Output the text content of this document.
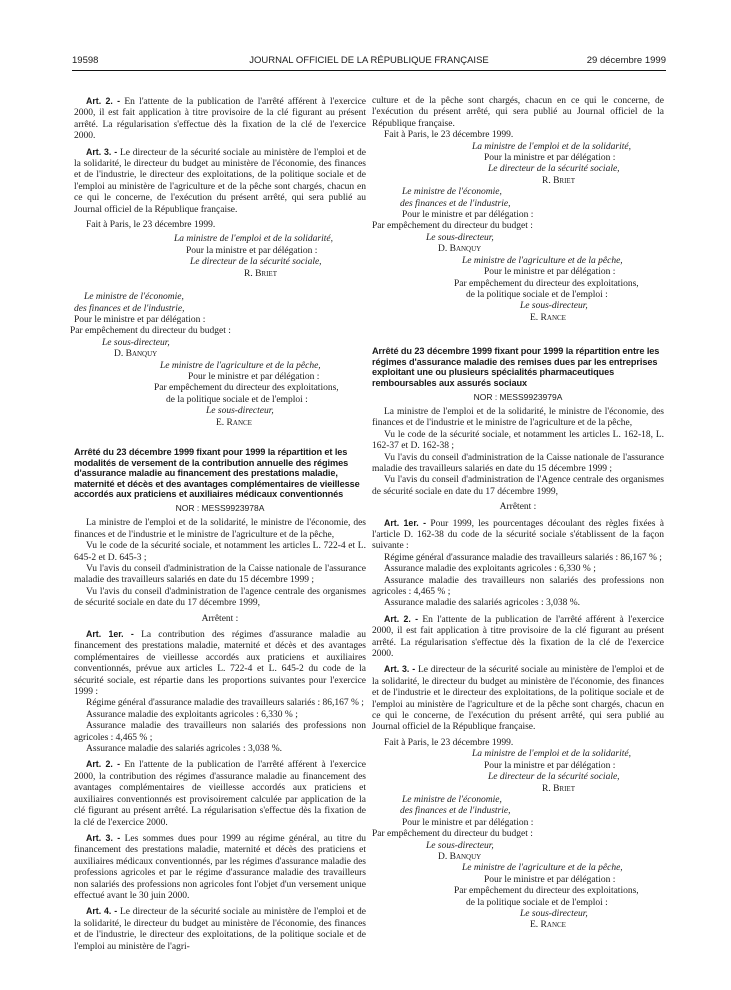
19598	JOURNAL OFFICIEL DE LA RÉPUBLIQUE FRANÇAISE	29 décembre 1999

Art. 2. - En l'attente de la publication de l'arrêté afférent à l'exercice 2000, il est fait application à titre provisoire de la clé figurant au présent arrêté. La régularisation s'effectue dès la fixation de la clé de l'exercice 2000.

Art. 3. - Le directeur de la sécurité sociale au ministère de l'emploi et de la solidarité, le directeur du budget au ministère de l'économie, des finances et de l'industrie, le directeur des exploitations, de la politique sociale et de l'emploi au ministère de l'agriculture et de la pêche sont chargés, chacun en ce qui le concerne, de l'exécution du présent arrêté, qui sera publié au Journal officiel de la République française.

Fait à Paris, le 23 décembre 1999.

La ministre de l'emploi et de la solidarité,

Pour la ministre et par délégation :

Le directeur de la sécurité sociale,

R. Briet

Le ministre de l'économie,

des finances et de l'industrie,

Pour le ministre et par délégation :

Par empêchement du directeur du budget :

Le sous-directeur,

D. Banquy

Le ministre de l'agriculture et de la pêche,

Pour le ministre et par délégation :

Par empêchement du directeur des exploitations,

de la politique sociale et de l'emploi :

Le sous-directeur,

E. Rance

Arrêté du 23 décembre 1999 fixant pour 1999 la répartition et les modalités de versement de la contribution annuelle des régimes d'assurance maladie au financement des prestations maladie, maternité et décès et des avantages complémentaires de vieillesse accordés aux praticiens et auxiliaires médicaux conventionnés

NOR : MESS9923978A

La ministre de l'emploi et de la solidarité, le ministre de l'économie, des finances et de l'industrie et le ministre de l'agriculture et de la pêche,

Vu le code de la sécurité sociale, et notamment les articles L. 722-4 et L. 645-2 et D. 645-3 ;

Vu l'avis du conseil d'administration de la Caisse nationale de l'assurance maladie des travailleurs salariés en date du 15 décembre 1999 ;

Vu l'avis du conseil d'administration de l'agence centrale des organismes de sécurité sociale en date du 17 décembre 1999,

Arrêtent :

Art. 1er. - La contribution des régimes d'assurance maladie au financement des prestations maladie, maternité et décès et des avantages complémentaires de vieillesse accordés aux praticiens et auxiliaires conventionnés, prévue aux articles L. 722-4 et L. 645-2 du code de la sécurité sociale, est répartie dans les proportions suivantes pour l'exercice 1999 :

Régime général d'assurance maladie des travailleurs salariés : 86,167 % ;

Assurance maladie des exploitants agricoles : 6,330 % ;

Assurance maladie des travailleurs non salariés des professions non agricoles : 4,465 % ;

Assurance maladie des salariés agricoles : 3,038 %.

Art. 2. - En l'attente de la publication de l'arrêté afférent à l'exercice 2000, la contribution des régimes d'assurance maladie au financement des avantages complémentaires de vieillesse accordés aux praticiens et auxiliaires conventionnés est provisoirement calculée par application de la clé figurant au présent arrêté. La régularisation s'effectue dès la fixation de la clé de l'exercice 2000.

Art. 3. - Les sommes dues pour 1999 au régime général, au titre du financement des prestations maladie, maternité et décès des praticiens et auxiliaires médicaux conventionnés, par les régimes d'assurance maladie des professions agricoles et par le régime d'assurance maladie des travailleurs non salariés des professions non agricoles font l'objet d'un versement unique effectué avant le 30 juin 2000.

Art. 4. - Le directeur de la sécurité sociale au ministère de l'emploi et de la solidarité, le directeur du budget au ministère de l'économie, des finances et de l'industrie, le directeur des exploitations, de la politique sociale et de l'emploi au ministère de l'agri-

culture et de la pêche sont chargés, chacun en ce qui le concerne, de l'exécution du présent arrêté, qui sera publié au Journal officiel de la République française.

Fait à Paris, le 23 décembre 1999.

La ministre de l'emploi et de la solidarité,

Pour la ministre et par délégation :

Le directeur de la sécurité sociale,

R. Briet

Le ministre de l'économie,

des finances et de l'industrie,

Pour le ministre et par délégation :

Par empêchement du directeur du budget :

Le sous-directeur,

D. Banquy

Le ministre de l'agriculture et de la pêche,

Pour le ministre et par délégation :

Par empêchement du directeur des exploitations,

de la politique sociale et de l'emploi :

Le sous-directeur,

E. Rance

Arrêté du 23 décembre 1999 fixant pour 1999 la répartition entre les régimes d'assurance maladie des remises dues par les entreprises exploitant une ou plusieurs spécialités pharmaceutiques remboursables aux assurés sociaux

NOR : MESS9923979A

La ministre de l'emploi et de la solidarité, le ministre de l'économie, des finances et de l'industrie et le ministre de l'agriculture et de la pêche,

Vu le code de la sécurité sociale, et notamment les articles L. 162-18, L. 162-37 et D. 162-38 ;

Vu l'avis du conseil d'administration de la Caisse nationale de l'assurance maladie des travailleurs salariés en date du 15 décembre 1999 ;

Vu l'avis du conseil d'administration de l'Agence centrale des organismes de sécurité sociale en date du 17 décembre 1999,

Arrêtent :

Art. 1er. - Pour 1999, les pourcentages découlant des règles fixées à l'article D. 162-38 du code de la sécurité sociale s'établissent de la façon suivante :

Régime général d'assurance maladie des travailleurs salariés : 86,167 % ;

Assurance maladie des exploitants agricoles : 6,330 % ;

Assurance maladie des travailleurs non salariés des professions non agricoles : 4,465 % ;

Assurance maladie des salariés agricoles : 3,038 %.

Art. 2. - En l'attente de la publication de l'arrêté afférent à l'exercice 2000, il est fait application à titre provisoire de la clé figurant au présent arrêté. La régularisation s'effectue dès la fixation de la clé de l'exercice 2000.

Art. 3. - Le directeur de la sécurité sociale au ministère de l'emploi et de la solidarité, le directeur du budget au ministère de l'économie, des finances et de l'industrie et le directeur des exploitations, de la politique sociale et de l'emploi au ministère de l'agriculture et de la pêche sont chargés, chacun en ce qui le concerne, de l'exécution du présent arrêté, qui sera publié au Journal officiel de la République française.

Fait à Paris, le 23 décembre 1999.

La ministre de l'emploi et de la solidarité,

Pour la ministre et par délégation :

Le directeur de la sécurité sociale,

R. Briet

Le ministre de l'économie,

des finances et de l'industrie,

Pour le ministre et par délégation :

Par empêchement du directeur du budget :

Le sous-directeur,

D. Banquy

Le ministre de l'agriculture et de la pêche,

Pour le ministre et par délégation :

Par empêchement du directeur des exploitations,

de la politique sociale et de l'emploi :

Le sous-directeur,

E. Rance
